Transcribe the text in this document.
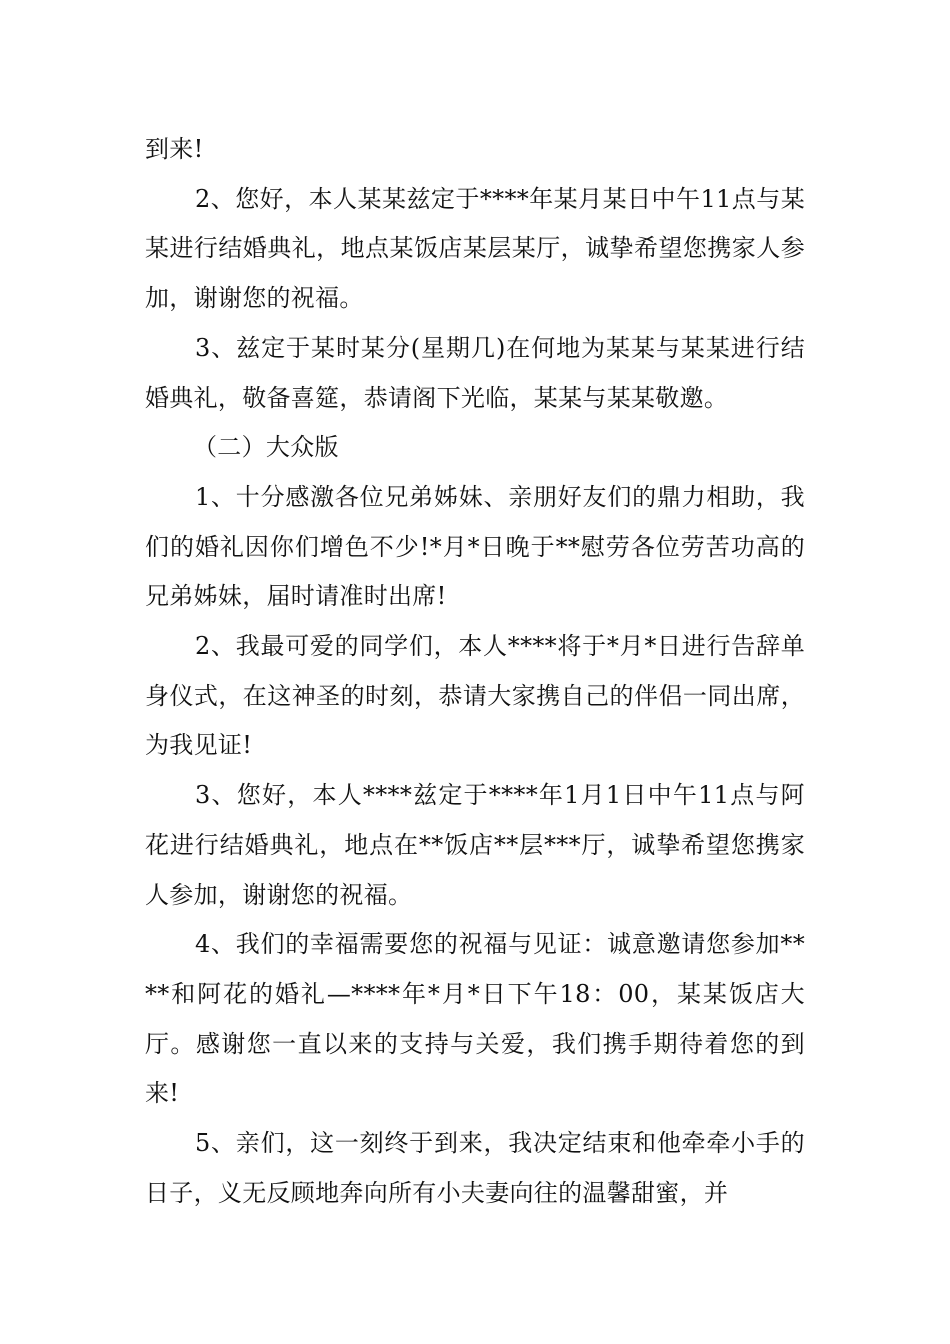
到来!

2、您好，本人某某兹定于****年某月某日中午11点与某某进行结婚典礼，地点某饭店某层某厅，诚挚希望您携家人参加，谢谢您的祝福。

3、兹定于某时某分(星期几)在何地为某某与某某进行结婚典礼，敬备喜筵，恭请阁下光临，某某与某某敬邀。

（二）大众版

1、十分感激各位兄弟姊妹、亲朋好友们的鼎力相助，我们的婚礼因你们增色不少!*月*日晚于**慰劳各位劳苦功高的兄弟姊妹，届时请准时出席!

2、我最可爱的同学们，本人****将于*月*日进行告辞单身仪式，在这神圣的时刻，恭请大家携自己的伴侣一同出席，为我见证!

3、您好，本人****兹定于****年1月1日中午11点与阿花进行结婚典礼，地点在**饭店**层***厅，诚挚希望您携家人参加，谢谢您的祝福。

4、我们的幸福需要您的祝福与见证：诚意邀请您参加****和阿花的婚礼—****年*月*日下午18：00，某某饭店大厅。感谢您一直以来的支持与关爱，我们携手期待着您的到来!

5、亲们，这一刻终于到来，我决定结束和他牵牵小手的日子，义无反顾地奔向所有小夫妻向往的温馨甜蜜，并
